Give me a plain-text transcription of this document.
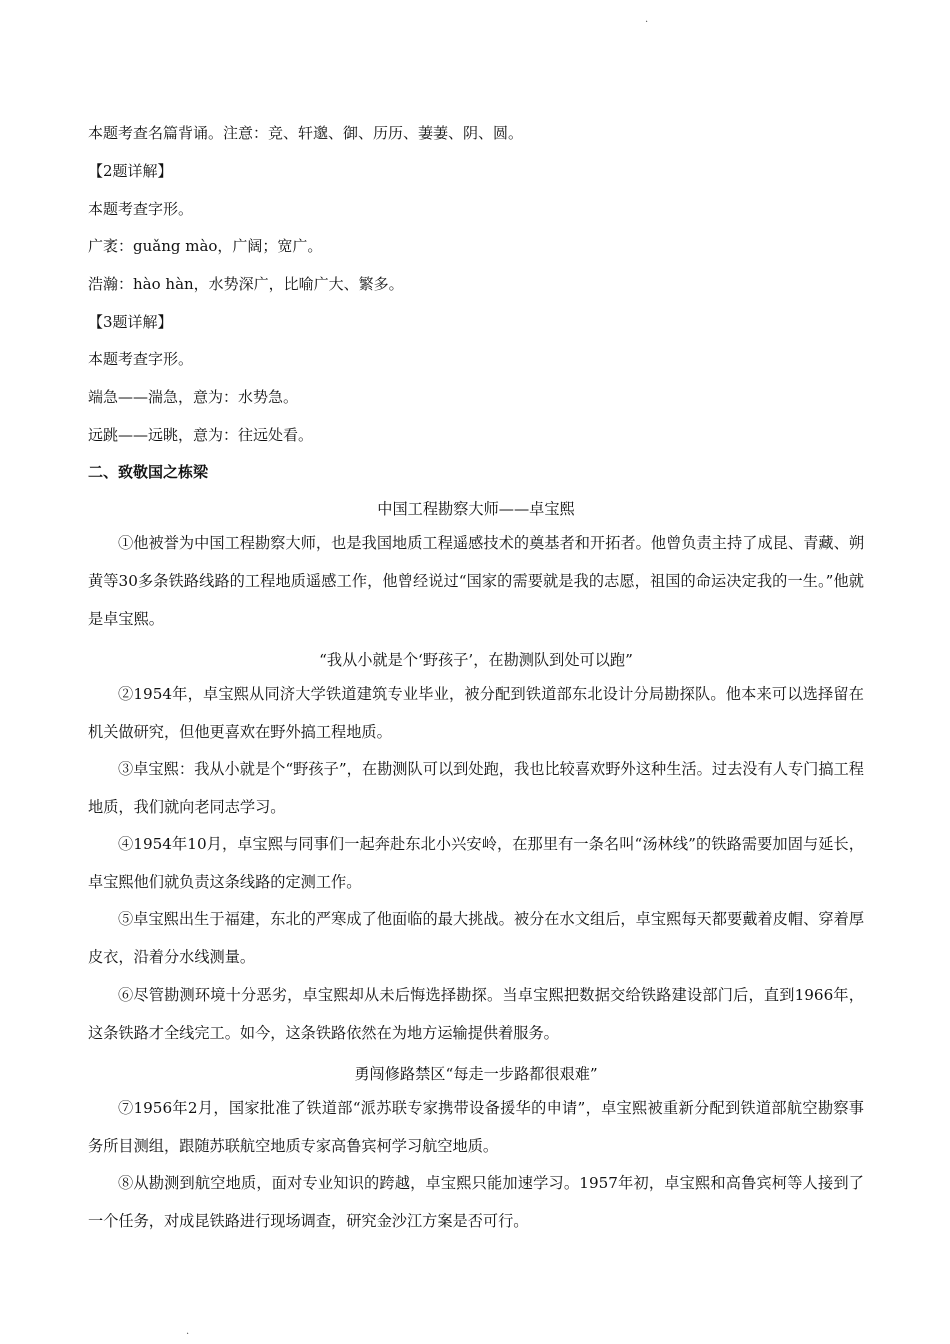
.
本题考查名篇背诵。注意：竞、轩邈、御、历历、萋萋、阴、圆。
【2题详解】
本题考查字形。
广袤：guǎng mào，广阔；宽广。
浩瀚：hào hàn，水势深广，比喻广大、繁多。
【3题详解】
本题考查字形。
端急——湍急，意为：水势急。
远跳——远眺，意为：往远处看。
二、致敬国之栋梁
中国工程勘察大师——卓宝熙

①他被誉为中国工程勘察大师，也是我国地质工程遥感技术的奠基者和开拓者。他曾负责主持了成昆、青藏、朔黄等30多条铁路线路的工程地质遥感工作，他曾经说过“国家的需要就是我的志愿，祖国的命运决定我的一生。”他就是卓宝熙。

“我从小就是个‘野孩子’，在勘测队到处可以跑”

②1954年，卓宝熙从同济大学铁道建筑专业毕业，被分配到铁道部东北设计分局勘探队。他本来可以选择留在机关做研究，但他更喜欢在野外搞工程地质。

③卓宝熙：我从小就是个“野孩子”，在勘测队可以到处跑，我也比较喜欢野外这种生活。过去没有人专门搞工程地质，我们就向老同志学习。

④1954年10月，卓宝熙与同事们一起奔赴东北小兴安岭，在那里有一条名叫“汤林线”的铁路需要加固与延长，卓宝熙他们就负责这条线路的定测工作。

⑤卓宝熙出生于福建，东北的严寒成了他面临的最大挑战。被分在水文组后，卓宝熙每天都要戴着皮帽、穿着厚皮衣，沿着分水线测量。

⑥尽管勘测环境十分恶劣，卓宝熙却从未后悔选择勘探。当卓宝熙把数据交给铁路建设部门后，直到1966年，这条铁路才全线完工。如今，这条铁路依然在为地方运输提供着服务。

勇闯修路禁区“每走一步路都很艰难”

⑦1956年2月，国家批准了铁道部“派苏联专家携带设备援华的申请”，卓宝熙被重新分配到铁道部航空勘察事务所目测组，跟随苏联航空地质专家高鲁宾柯学习航空地质。

⑧从勘测到航空地质，面对专业知识的跨越，卓宝熙只能加速学习。1957年初，卓宝熙和高鲁宾柯等人接到了一个任务，对成昆铁路进行现场调查，研究金沙江方案是否可行。

.
